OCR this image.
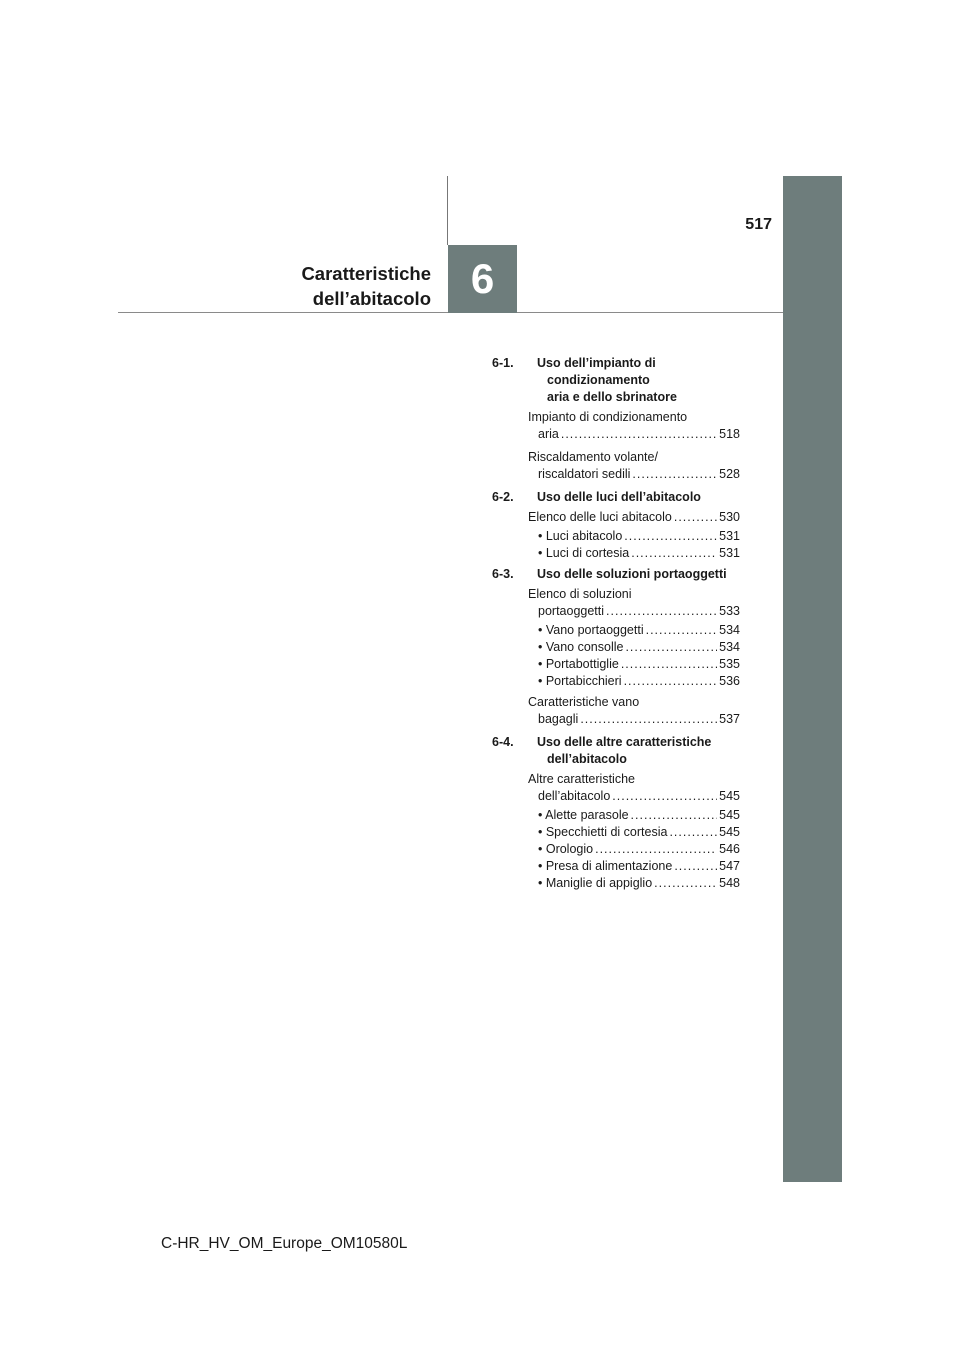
6
517
Caratteristiche
dell’abitacolo
6-1. Uso dell’impianto di
condizionamento
aria e dello sbrinatore
Impianto di condizionamento
aria .....	518
Riscaldamento volante/
riscaldatori sedili .....	528
6-2. Uso delle luci dell’abitacolo
Elenco delle luci abitacolo .....	530
• Luci abitacolo .....	531
• Luci di cortesia .....	531
6-3. Uso delle soluzioni portaoggetti
Elenco di soluzioni
portaoggetti .....	533
• Vano portaoggetti .....	534
• Vano consolle .....	534
• Portabottiglie .....	535
• Portabicchieri .....	536
Caratteristiche vano
bagagli .....	537
6-4. Uso delle altre caratteristiche
dell’abitacolo
Altre caratteristiche
dell’abitacolo .....	545
• Alette parasole .....	545
• Specchietti di cortesia .....	545
• Orologio .....	546
• Presa di alimentazione .....	547
• Maniglie di appiglio .....	548
C-HR_HV_OM_Europe_OM10580L
